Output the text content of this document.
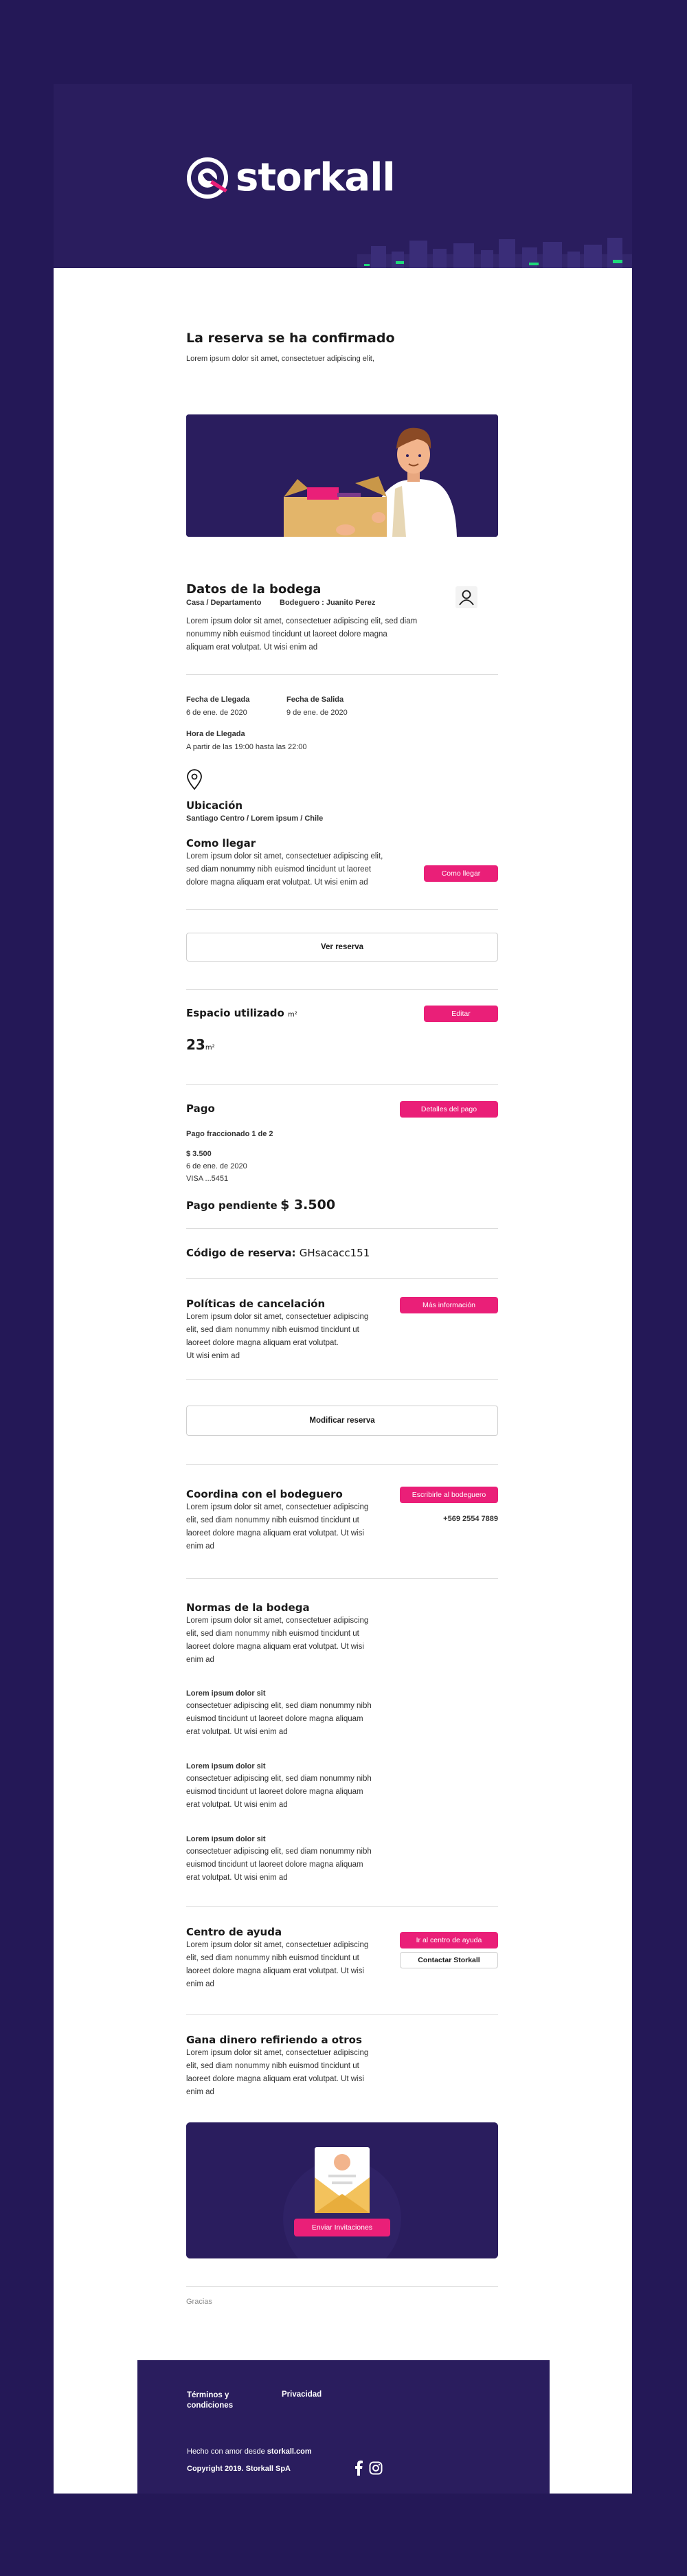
storkall
La reserva se ha confirmado
Lorem ipsum dolor sit amet, consectetuer adipiscing elit,
Datos de la bodega
Casa / Departamento	Bodeguero : Juanito Perez
Lorem ipsum dolor sit amet, consectetuer adipiscing elit, sed diam
nonummy nibh euismod tincidunt ut laoreet dolore magna
aliquam erat volutpat. Ut wisi enim ad
Fecha de Llegada
6 de ene. de 2020
Fecha de Salida
9 de ene. de 2020
Hora de Llegada
A partir de las 19:00 hasta las 22:00
Ubicación
Santiago Centro / Lorem ipsum / Chile
Como llegar
Lorem ipsum dolor sit amet, consectetuer adipiscing elit,
sed diam nonummy nibh euismod tincidunt ut laoreet
dolore magna aliquam erat volutpat. Ut wisi enim ad
Como llegar
Ver reserva
Espacio utilizado m²	Editar
23m²
Pago	Detalles del pago
Pago fraccionado 1 de 2
$ 3.500
6 de ene. de 2020
VISA ...5451
Pago pendiente $ 3.500
Código de reserva: GHsacacc151
Políticas de cancelación	Más información
Lorem ipsum dolor sit amet, consectetuer adipiscing
elit, sed diam nonummy nibh euismod tincidunt ut
laoreet dolore magna aliquam erat volutpat.
Ut wisi enim ad
Modificar reserva
Coordina con el bodeguero	Escribirle al bodeguero
Lorem ipsum dolor sit amet, consectetuer adipiscing
elit, sed diam nonummy nibh euismod tincidunt ut
laoreet dolore magna aliquam erat volutpat. Ut wisi
enim ad
+569 2554 7889
Normas de la bodega
Lorem ipsum dolor sit amet, consectetuer adipiscing
elit, sed diam nonummy nibh euismod tincidunt ut
laoreet dolore magna aliquam erat volutpat. Ut wisi
enim ad
Lorem ipsum dolor sit
consectetuer adipiscing elit, sed diam nonummy nibh
euismod tincidunt ut laoreet dolore magna aliquam
erat volutpat. Ut wisi enim ad
Lorem ipsum dolor sit
consectetuer adipiscing elit, sed diam nonummy nibh
euismod tincidunt ut laoreet dolore magna aliquam
erat volutpat. Ut wisi enim ad
Lorem ipsum dolor sit
consectetuer adipiscing elit, sed diam nonummy nibh
euismod tincidunt ut laoreet dolore magna aliquam
erat volutpat. Ut wisi enim ad
Centro de ayuda
Ir al centro de ayuda
Contactar Storkall
Lorem ipsum dolor sit amet, consectetuer adipiscing
elit, sed diam nonummy nibh euismod tincidunt ut
laoreet dolore magna aliquam erat volutpat. Ut wisi
enim ad
Gana dinero refiriendo a otros
Lorem ipsum dolor sit amet, consectetuer adipiscing
elit, sed diam nonummy nibh euismod tincidunt ut
laoreet dolore magna aliquam erat volutpat. Ut wisi
enim ad
Enviar Invitaciones
Gracias
Términos y
condiciones
Privacidad
Hecho con amor desde storkall.com
Copyright 2019. Storkall SpA
